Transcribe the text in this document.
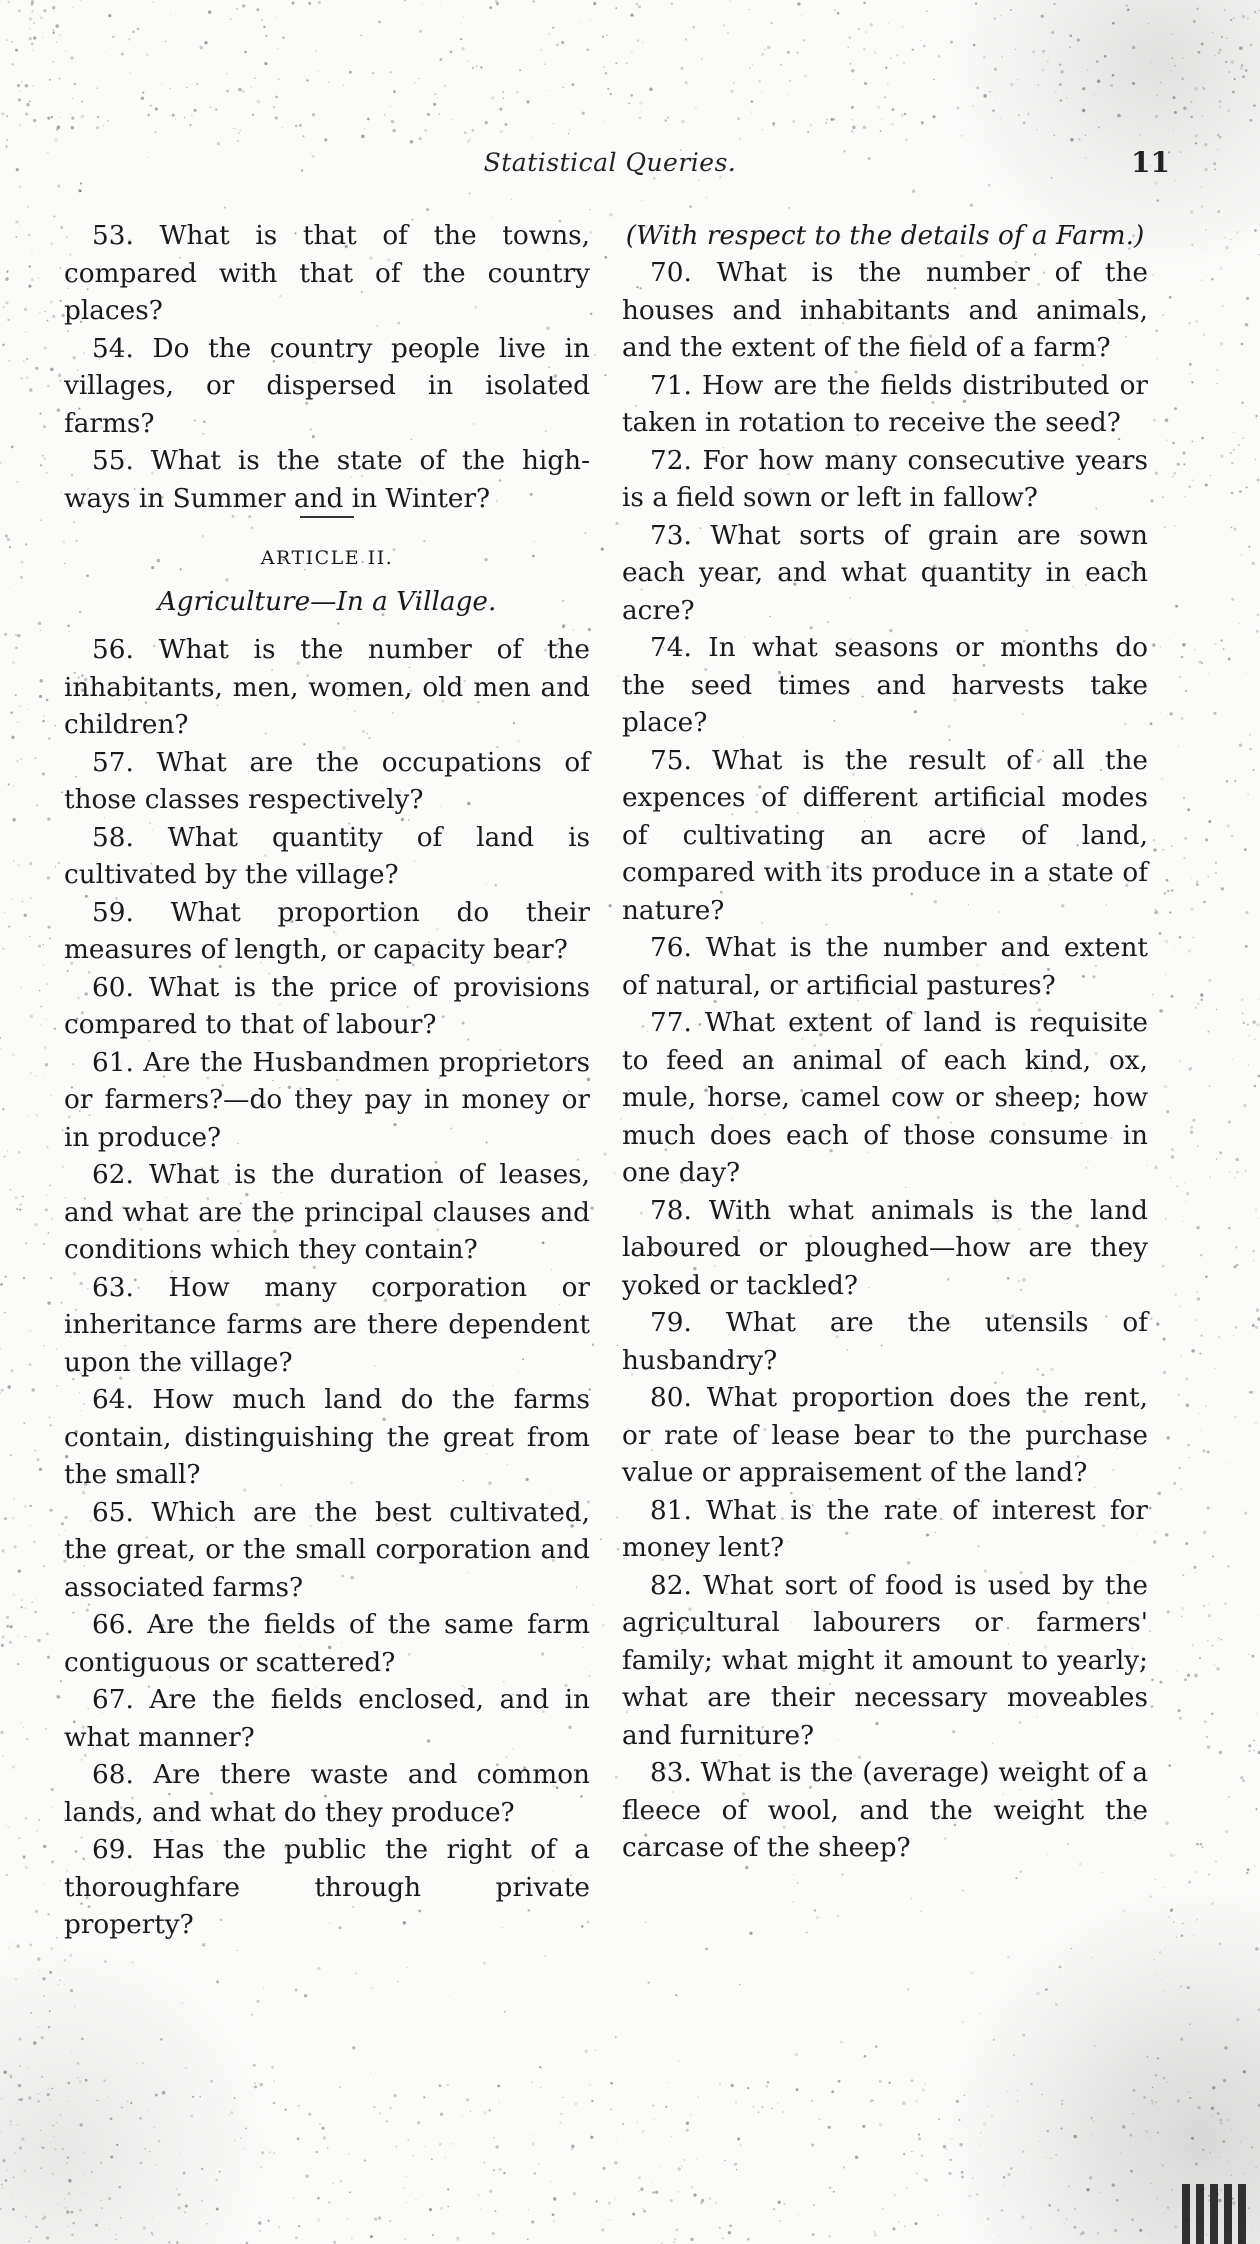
Statistical Queries.	11

53. What is that of the towns, compared with that of the country places?

54. Do the country people live in villages, or dispersed in isolated farms?

55. What is the state of the high-ways in Summer and in Winter?

ARTICLE II.
Agriculture—In a Village.

56. What is the number of the inhabitants, men, women, old men and children?

57. What are the occupations of those classes respectively?

58. What quantity of land is cultivated by the village?

59. What proportion do their measures of length, or capacity bear?

60. What is the price of provisions compared to that of labour?

61. Are the Husbandmen proprietors or farmers?—do they pay in money or in produce?

62. What is the duration of leases, and what are the principal clauses and conditions which they contain?

63. How many corporation or inheritance farms are there dependent upon the village?

64. How much land do the farms contain, distinguishing the great from the small?

65. Which are the best cultivated, the great, or the small corporation and associated farms?

66. Are the fields of the same farm contiguous or scattered?

67. Are the fields enclosed, and in what manner?

68. Are there waste and common lands, and what do they produce?

69. Has the public the right of a thoroughfare through private property?

(With respect to the details of a Farm.)

70. What is the number of the houses and inhabitants and animals, and the extent of the field of a farm?

71. How are the fields distributed or taken in rotation to receive the seed?

72. For how many consecutive years is a field sown or left in fallow?

73. What sorts of grain are sown each year, and what quantity in each acre?

74. In what seasons or months do the seed times and harvests take place?

75. What is the result of all the expences of different artificial modes of cultivating an acre of land, compared with its produce in a state of nature?

76. What is the number and extent of natural, or artificial pastures?

77. What extent of land is requisite to feed an animal of each kind, ox, mule, horse, camel cow or sheep; how much does each of those consume in one day?

78. With what animals is the land laboured or ploughed—how are they yoked or tackled?

79. What are the utensils of husbandry?

80. What proportion does the rent, or rate of lease bear to the purchase value or appraisement of the land?

81. What is the rate of interest for money lent?

82. What sort of food is used by the agricultural labourers or farmers' family; what might it amount to yearly; what are their necessary moveables and furniture?

83. What is the (average) weight of a fleece of wool, and the weight the carcase of the sheep?
